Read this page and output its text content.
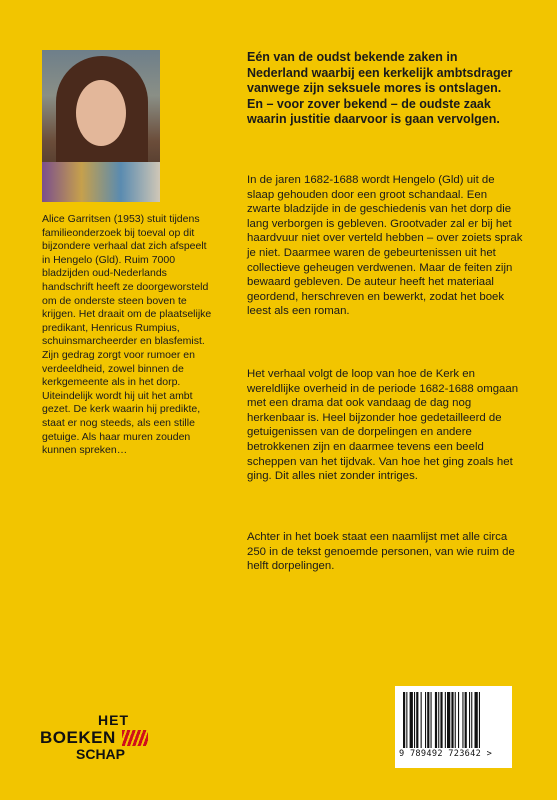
Alice Garritsen (1953) stuit tijdens familieonderzoek bij toeval op dit bijzondere verhaal dat zich afspeelt in Hengelo (Gld). Ruim 7000 bladzijden oud-Nederlands handschrift heeft ze doorgeworsteld om de onderste steen boven te krijgen. Het draait om de plaatselijke predikant, Henricus Rumpius, schuinsmarcheerder en blasfemist. Zijn gedrag zorgt voor rumoer en verdeeldheid, zowel binnen de kerkgemeente als in het dorp. Uiteindelijk wordt hij uit het ambt gezet. De kerk waarin hij predikte, staat er nog steeds, als een stille getuige. Als haar muren zouden kunnen spreken…
Eén van de oudst bekende zaken in Nederland waarbij een kerkelijk ambtsdrager vanwege zijn seksuele mores is ontslagen. En – voor zover bekend – de oudste zaak waarin justitie daarvoor is gaan vervolgen.

In de jaren 1682-1688 wordt Hengelo (Gld) uit de slaap gehouden door een groot schandaal. Een zwarte bladzijde in de geschiedenis van het dorp die lang verborgen is gebleven. Grootvader zal er bij het haardvuur niet over verteld hebben – over zoiets sprak je niet. Daarmee waren de gebeurtenissen uit het collectieve geheugen verdwenen. Maar de feiten zijn bewaard gebleven. De auteur heeft het materiaal geordend, herschreven en bewerkt, zodat het boek leest als een roman.

Het verhaal volgt de loop van hoe de Kerk en wereldlijke overheid in de periode 1682-1688 omgaan met een drama dat ook vandaag de dag nog herkenbaar is. Heel bijzonder hoe gedetailleerd de getuigenissen van de dorpelingen en andere betrokkenen zijn en daarmee tevens een beeld scheppen van het tijdvak. Van hoe het ging zoals het ging. Dit alles niet zonder intriges.

Achter in het boek staat een naamlijst met alle circa 250 in de tekst genoemde personen, van wie ruim de helft dorpelingen.

HET
BOEKEN
SCHAP	9 789492 723642 >
